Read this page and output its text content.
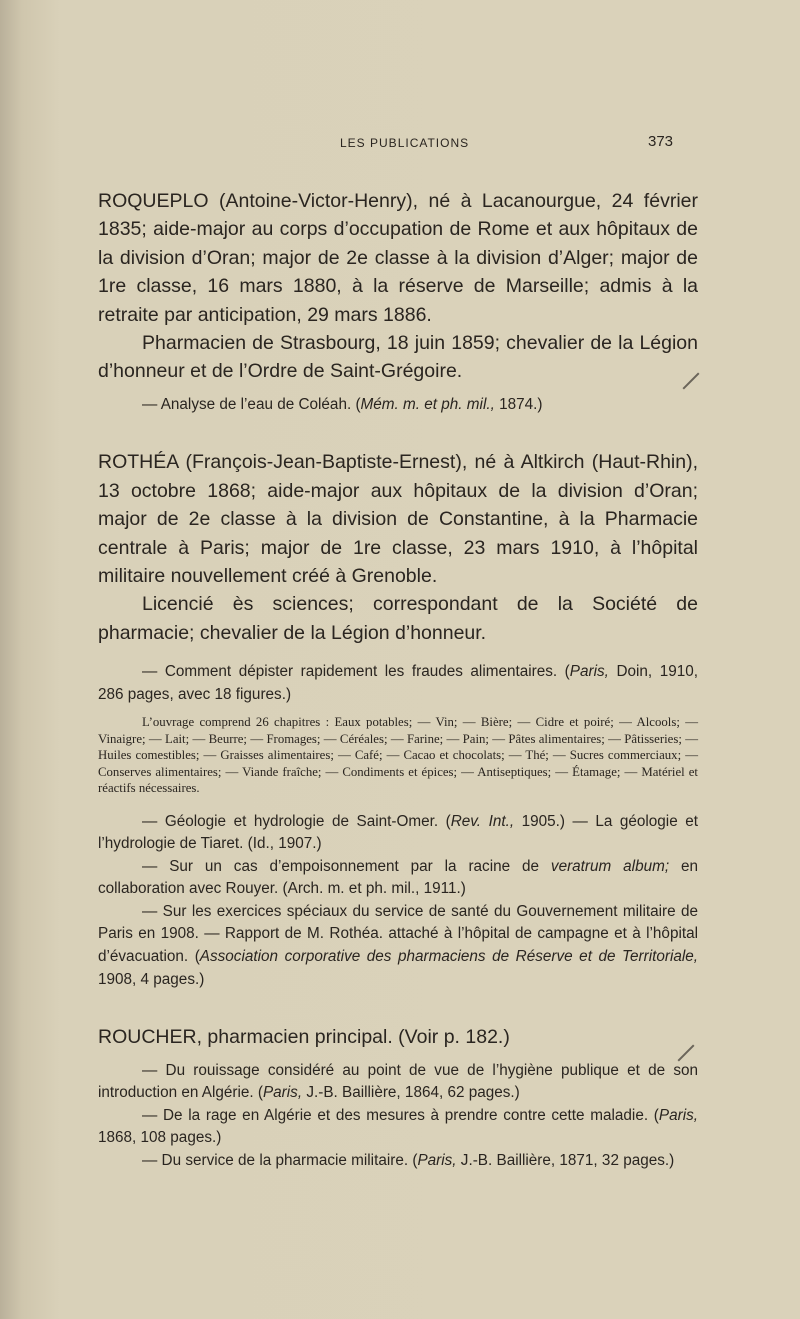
LES PUBLICATIONS	373

ROQUEPLO (Antoine-Victor-Henry), né à Lacanourgue, 24 février 1835; aide-major au corps d’occupation de Rome et aux hôpitaux de la division d’Oran; major de 2e classe à la division d’Alger; major de 1re classe, 16 mars 1880, à la réserve de Marseille; admis à la retraite par anticipation, 29 mars 1886.

Pharmacien de Strasbourg, 18 juin 1859; chevalier de la Légion d’honneur et de l’Ordre de Saint-Grégoire.

— Analyse de l’eau de Coléah. (Mém. m. et ph. mil., 1874.)

ROTHÉA (François-Jean-Baptiste-Ernest), né à Altkirch (Haut-Rhin), 13 octobre 1868; aide-major aux hôpitaux de la division d’Oran; major de 2e classe à la division de Constantine, à la Pharmacie centrale à Paris; major de 1re classe, 23 mars 1910, à l’hôpital militaire nouvellement créé à Grenoble.

Licencié ès sciences; correspondant de la Société de pharmacie; chevalier de la Légion d’honneur.

— Comment dépister rapidement les fraudes alimentaires. (Paris, Doin, 1910, 286 pages, avec 18 figures.)

L’ouvrage comprend 26 chapitres : Eaux potables; — Vin; — Bière; — Cidre et poiré; — Alcools; — Vinaigre; — Lait; — Beurre; — Fromages; — Céréales; — Farine; — Pain; — Pâtes alimentaires; — Pâtisseries; — Huiles comestibles; — Graisses alimentaires; — Café; — Cacao et chocolats; — Thé; — Sucres commerciaux; — Conserves alimentaires; — Viande fraîche; — Condiments et épices; — Antiseptiques; — Étamage; — Matériel et réactifs nécessaires.

— Géologie et hydrologie de Saint-Omer. (Rev. Int., 1905.) — La géologie et l’hydrologie de Tiaret. (Id., 1907.)

— Sur un cas d’empoisonnement par la racine de veratrum album; en collaboration avec Rouyer. (Arch. m. et ph. mil., 1911.)

— Sur les exercices spéciaux du service de santé du Gouvernement militaire de Paris en 1908. — Rapport de M. Rothéa. attaché à l’hôpital de campagne et à l’hôpital d’évacuation. (Association corporative des pharmaciens de Réserve et de Territoriale, 1908, 4 pages.)

ROUCHER, pharmacien principal. (Voir p. 182.)

— Du rouissage considéré au point de vue de l’hygiène publique et de son introduction en Algérie. (Paris, J.-B. Baillière, 1864, 62 pages.)

— De la rage en Algérie et des mesures à prendre contre cette maladie. (Paris, 1868, 108 pages.)

— Du service de la pharmacie militaire. (Paris, J.-B. Baillière, 1871, 32 pages.)
